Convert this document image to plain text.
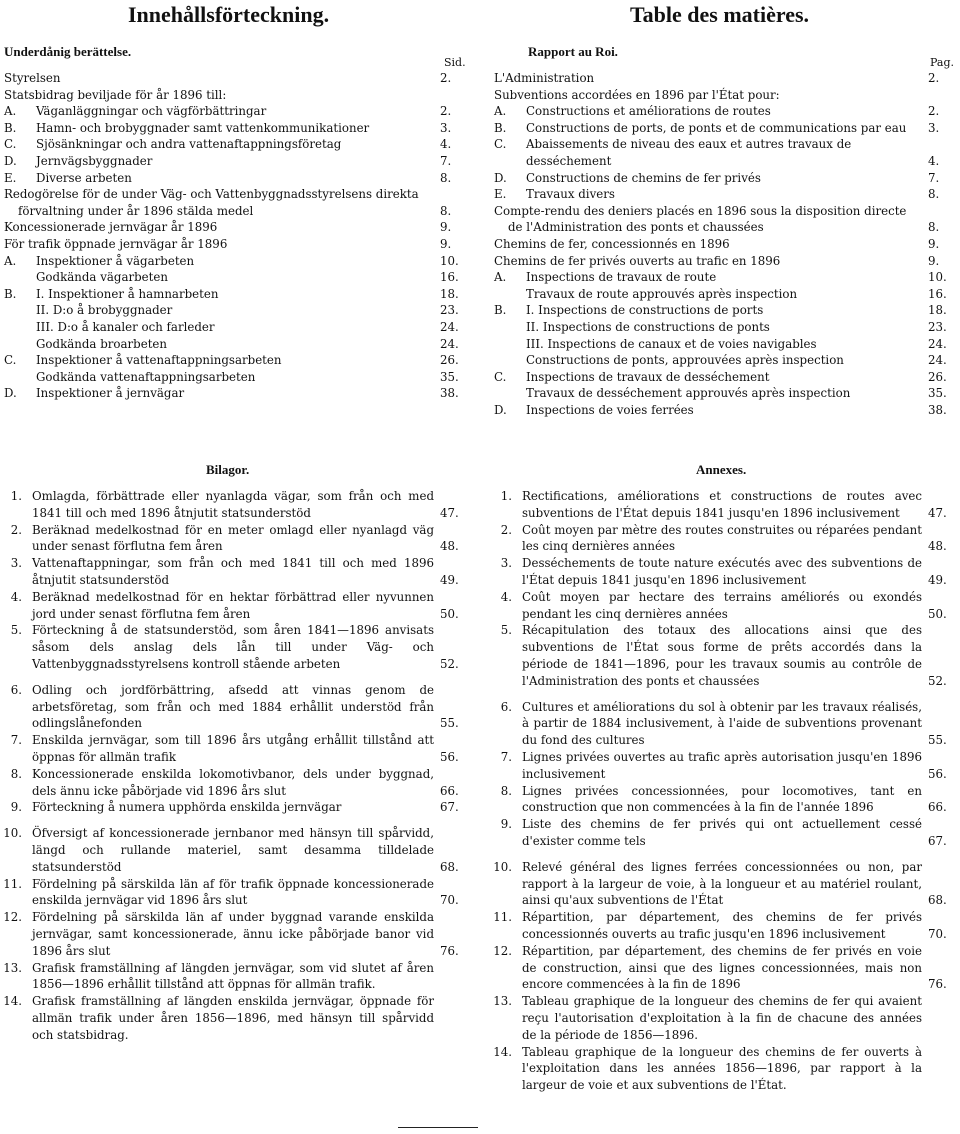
Innehållsförteckning.
Underdånig berättelse.
Sid.
Styrelsen	2.
Statsbidrag beviljade för år 1896 till:
A. Väganläggningar och vägförbättringar	2.
B. Hamn- och brobyggnader samt vattenkommunikationer	3.
C. Sjösänkningar och andra vattenaftappningsföretag	4.
D. Jernvägsbyggnader	7.
E. Diverse arbeten	8.
Redogörelse för de under Väg- och Vattenbyggnadsstyrelsens direkta förvaltning under år 1896 stälda medel	8.
Koncessionerade jernvägar år 1896	9.
För trafik öppnade jernvägar år 1896	9.
A. Inspektioner å vägarbeten	10.
Godkända vägarbeten	16.
B. I. Inspektioner å hamnarbeten	18.
II. D:o å brobyggnader	23.
III. D:o å kanaler och farleder	24.
Godkända broarbeten	24.
C. Inspektioner å vattenaftappningsarbeten	26.
Godkända vattenaftappningsarbeten	35.
D. Inspektioner å jernvägar	38.
Bilagor.
1. Omlagda, förbättrade eller nyanlagda vägar, som från och med 1841 till och med 1896 åtnjutit statsunderstöd	47.
2. Beräknad medelkostnad för en meter omlagd eller nyanlagd väg under senast förflutna fem åren	48.
3. Vattenaftappningar, som från och med 1841 till och med 1896 åtnjutit statsunderstöd	49.
4. Beräknad medelkostnad för en hektar förbättrad eller nyvunnen jord under senast förflutna fem åren	50.
5. Förteckning å de statsunderstöd, som åren 1841—1896 anvisats såsom dels anslag dels lån till under Väg- och Vattenbyggnadsstyrelsens kontroll stående arbeten	52.
6. Odling och jordförbättring, afsedd att vinnas genom de arbetsföretag, som från och med 1884 erhållit understöd från odlingslånefonden	55.
7. Enskilda jernvägar, som till 1896 års utgång erhållit tillstånd att öppnas för allmän trafik	56.
8. Koncessionerade enskilda lokomotivbanor, dels under byggnad, dels ännu icke påbörjade vid 1896 års slut	66.
9. Förteckning å numera upphörda enskilda jernvägar	67.
10. Öfversigt af koncessionerade jernbanor med hänsyn till spårvidd, längd och rullande materiel, samt desamma tilldelade statsunderstöd	68.
11. Fördelning på särskilda län af för trafik öppnade koncessionerade enskilda jernvägar vid 1896 års slut	70.
12. Fördelning på särskilda län af under byggnad varande enskilda jernvägar, samt koncessionerade, ännu icke påbörjade banor vid 1896 års slut	76.
13. Grafisk framställning af längden jernvägar, som vid slutet af åren 1856—1896 erhållit tillstånd att öppnas för allmän trafik.
14. Grafisk framställning af längden enskilda jernvägar, öppnade för allmän trafik under åren 1856—1896, med hänsyn till spårvidd och statsbidrag.
Table des matières.
Rapport au Roi.
Pag.
L'Administration	2.
Subventions accordées en 1896 par l'État pour:
A. Constructions et améliorations de routes	2.
B. Constructions de ports, de ponts et de communications par eau	3.
C. Abaissements de niveau des eaux et autres travaux de desséchement	4.
D. Constructions de chemins de fer privés	7.
E. Travaux divers	8.
Compte-rendu des deniers placés en 1896 sous la disposition directe de l'Administration des ponts et chaussées	8.
Chemins de fer, concessionnés en 1896	9.
Chemins de fer privés ouverts au trafic en 1896	9.
A. Inspections de travaux de route	10.
Travaux de route approuvés après inspection	16.
B. I. Inspections de constructions de ports	18.
II. Inspections de constructions de ponts	23.
III. Inspections de canaux et de voies navigables	24.
Constructions de ponts, approuvées après inspection	24.
C. Inspections de travaux de desséchement	26.
Travaux de desséchement approuvés après inspection	35.
D. Inspections de voies ferrées	38.
Annexes.
1. Rectifications, améliorations et constructions de routes avec subventions de l'État depuis 1841 jusqu'en 1896 inclusivement	47.
2. Coût moyen par mètre des routes construites ou réparées pendant les cinq dernières années	48.
3. Desséchements de toute nature exécutés avec des subventions de l'État depuis 1841 jusqu'en 1896 inclusivement	49.
4. Coût moyen par hectare des terrains améliorés ou exondés pendant les cinq dernières années	50.
5. Récapitulation des totaux des allocations ainsi que des subventions de l'État sous forme de prêts accordés dans la période de 1841—1896, pour les travaux soumis au contrôle de l'Administration des ponts et chaussées	52.
6. Cultures et améliorations du sol à obtenir par les travaux réalisés, à partir de 1884 inclusivement, à l'aide de subventions provenant du fond des cultures	55.
7. Lignes privées ouvertes au trafic après autorisation jusqu'en 1896 inclusivement	56.
8. Lignes privées concessionnées, pour locomotives, tant en construction que non commencées à la fin de l'année 1896	66.
9. Liste des chemins de fer privés qui ont actuellement cessé d'exister comme tels	67.
10. Relevé général des lignes ferrées concessionnées ou non, par rapport à la largeur de voie, à la longueur et au matériel roulant, ainsi qu'aux subventions de l'État	68.
11. Répartition, par département, des chemins de fer privés concessionnés ouverts au trafic jusqu'en 1896 inclusivement	70.
12. Répartition, par département, des chemins de fer privés en voie de construction, ainsi que des lignes concessionnées, mais non encore commencées à la fin de 1896	76.
13. Tableau graphique de la longueur des chemins de fer qui avaient reçu l'autorisation d'exploitation à la fin de chacune des années de la période de 1856—1896.
14. Tableau graphique de la longueur des chemins de fer ouverts à l'exploitation dans les années 1856—1896, par rapport à la largeur de voie et aux subventions de l'État.
